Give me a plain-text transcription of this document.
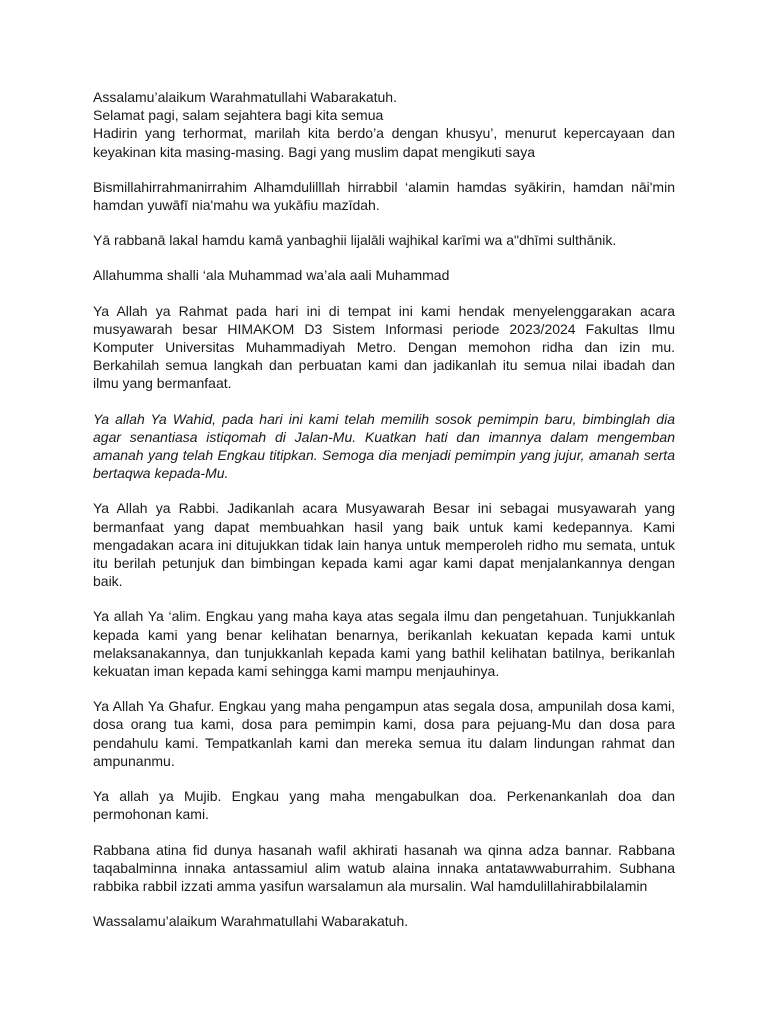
Assalamu’alaikum Warahmatullahi Wabarakatuh.

Selamat pagi, salam sejahtera bagi kita semua

Hadirin yang terhormat, marilah kita berdo’a dengan khusyu’, menurut kepercayaan dan keyakinan kita masing-masing. Bagi yang muslim dapat mengikuti saya

Bismillahirrahmanirrahim Alhamdulilllah hirrabbil ‘alamin hamdas syākirin, hamdan nāi'min hamdan yuwāfī nia'mahu wa yukāfiu mazīdah.

Yā rabbanā lakal hamdu kamā yanbaghii lijalāli wajhikal karīmi wa a"dhīmi sulthānik.

Allahumma shalli ‘ala Muhammad wa’ala aali Muhammad

Ya Allah ya Rahmat pada hari ini di tempat ini kami hendak menyelenggarakan acara musyawarah besar HIMAKOM D3 Sistem Informasi periode 2023/2024 Fakultas Ilmu Komputer Universitas Muhammadiyah Metro. Dengan memohon ridha dan izin mu. Berkahilah semua langkah dan perbuatan kami dan jadikanlah itu semua nilai ibadah dan ilmu yang bermanfaat.

Ya allah Ya Wahid, pada hari ini kami telah memilih sosok pemimpin baru, bimbinglah dia agar senantiasa istiqomah di Jalan-Mu. Kuatkan hati dan imannya dalam mengemban amanah yang telah Engkau titipkan. Semoga dia menjadi pemimpin yang jujur, amanah serta bertaqwa kepada-Mu.

Ya Allah ya Rabbi. Jadikanlah acara Musyawarah Besar ini sebagai musyawarah yang bermanfaat yang dapat membuahkan hasil yang baik untuk kami kedepannya. Kami mengadakan acara ini ditujukkan tidak lain hanya untuk memperoleh ridho mu semata, untuk itu berilah petunjuk dan bimbingan kepada kami agar kami dapat menjalankannya dengan baik.

Ya allah Ya ‘alim. Engkau yang maha kaya atas segala ilmu dan pengetahuan. Tunjukkanlah kepada kami yang benar kelihatan benarnya, berikanlah kekuatan kepada kami untuk melaksanakannya, dan tunjukkanlah kepada kami yang bathil kelihatan batilnya, berikanlah kekuatan iman kepada kami sehingga kami mampu menjauhinya.

Ya Allah Ya Ghafur. Engkau yang maha pengampun atas segala dosa, ampunilah dosa kami, dosa orang tua kami, dosa para pemimpin kami, dosa para pejuang-Mu dan dosa para pendahulu kami. Tempatkanlah kami dan mereka semua itu dalam lindungan rahmat dan ampunanmu.

Ya allah ya Mujib. Engkau yang maha mengabulkan doa. Perkenankanlah doa dan permohonan kami.

Rabbana atina fid dunya hasanah wafil akhirati hasanah wa qinna adza bannar. Rabbana taqabalminna innaka antassamiul alim watub alaina innaka antatawwaburrahim. Subhana rabbika rabbil izzati amma yasifun warsalamun ala mursalin. Wal hamdulillahirabbilalamin

Wassalamu’alaikum Warahmatullahi Wabarakatuh.
